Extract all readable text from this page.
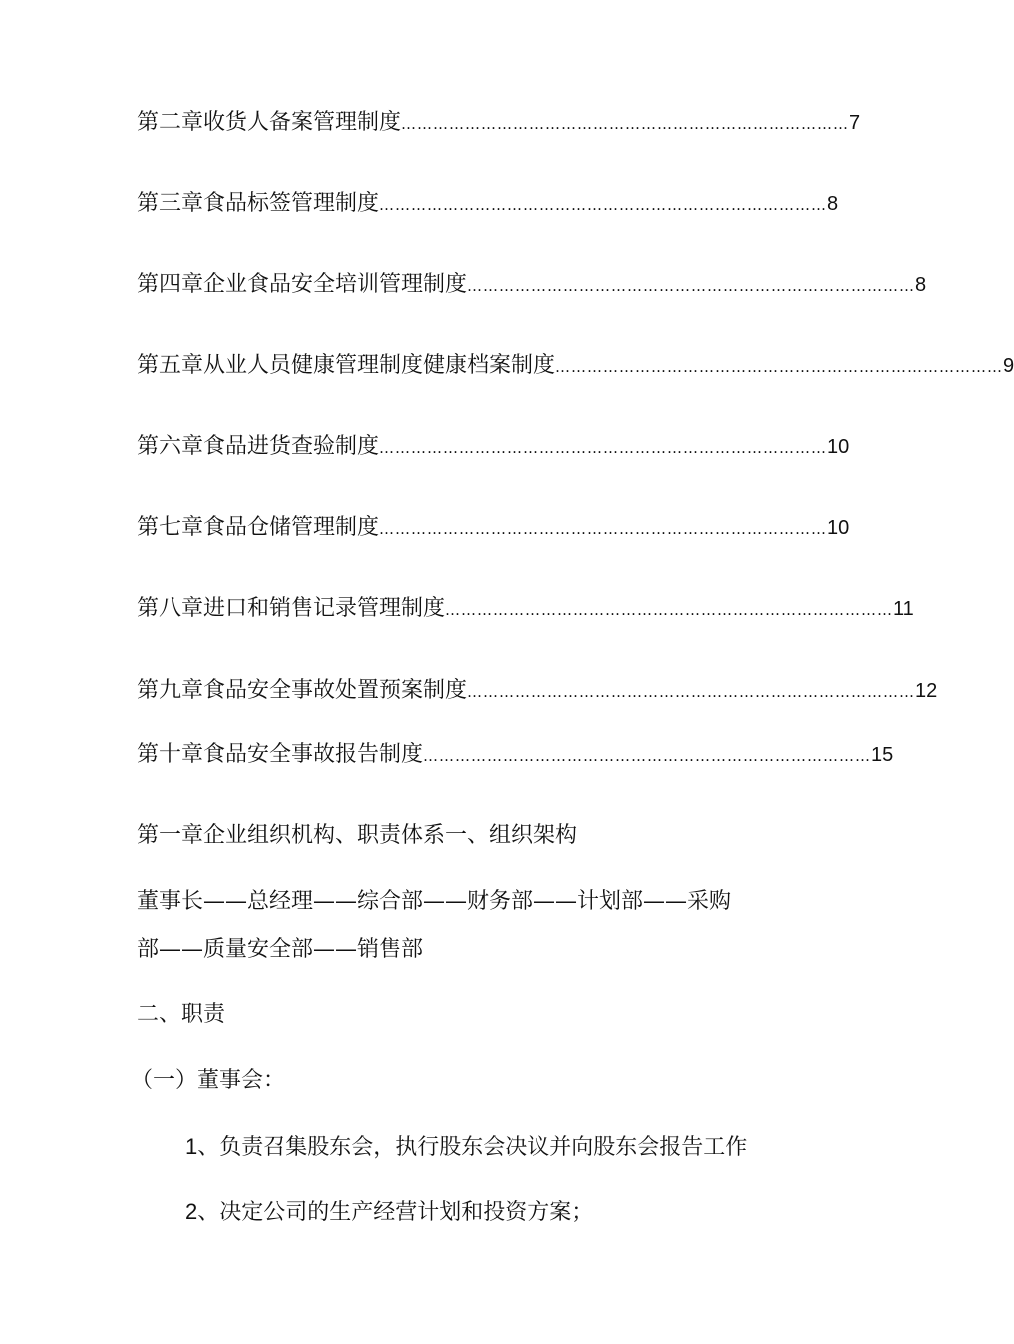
第二章收货人备案管理制度 ………………………………………………………………………… 7
第三章食品标签管理制度 ………………………………………………………………………… 8
第四章企业食品安全培训管理制度 ………………………………………………………………………… 8
第五章从业人员健康管理制度健康档案制度 ………………………………………………………………………… 9
第六章食品进货查验制度 ………………………………………………………………………… 10
第七章食品仓储管理制度 ………………………………………………………………………… 10
第八章进口和销售记录管理制度 ………………………………………………………………………… 11
第九章食品安全事故处置预案制度 ………………………………………………………………………… 12
第十章食品安全事故报告制度 ………………………………………………………………………… 15
第一章企业组织机构、职责体系一、组织架构
董事长——总经理——综合部——财务部——计划部——采购
部——质量安全部——销售部
二、职责
（一）董事会：
1、负责召集股东会，执行股东会决议并向股东会报告工作
2、决定公司的生产经营计划和投资方案；
